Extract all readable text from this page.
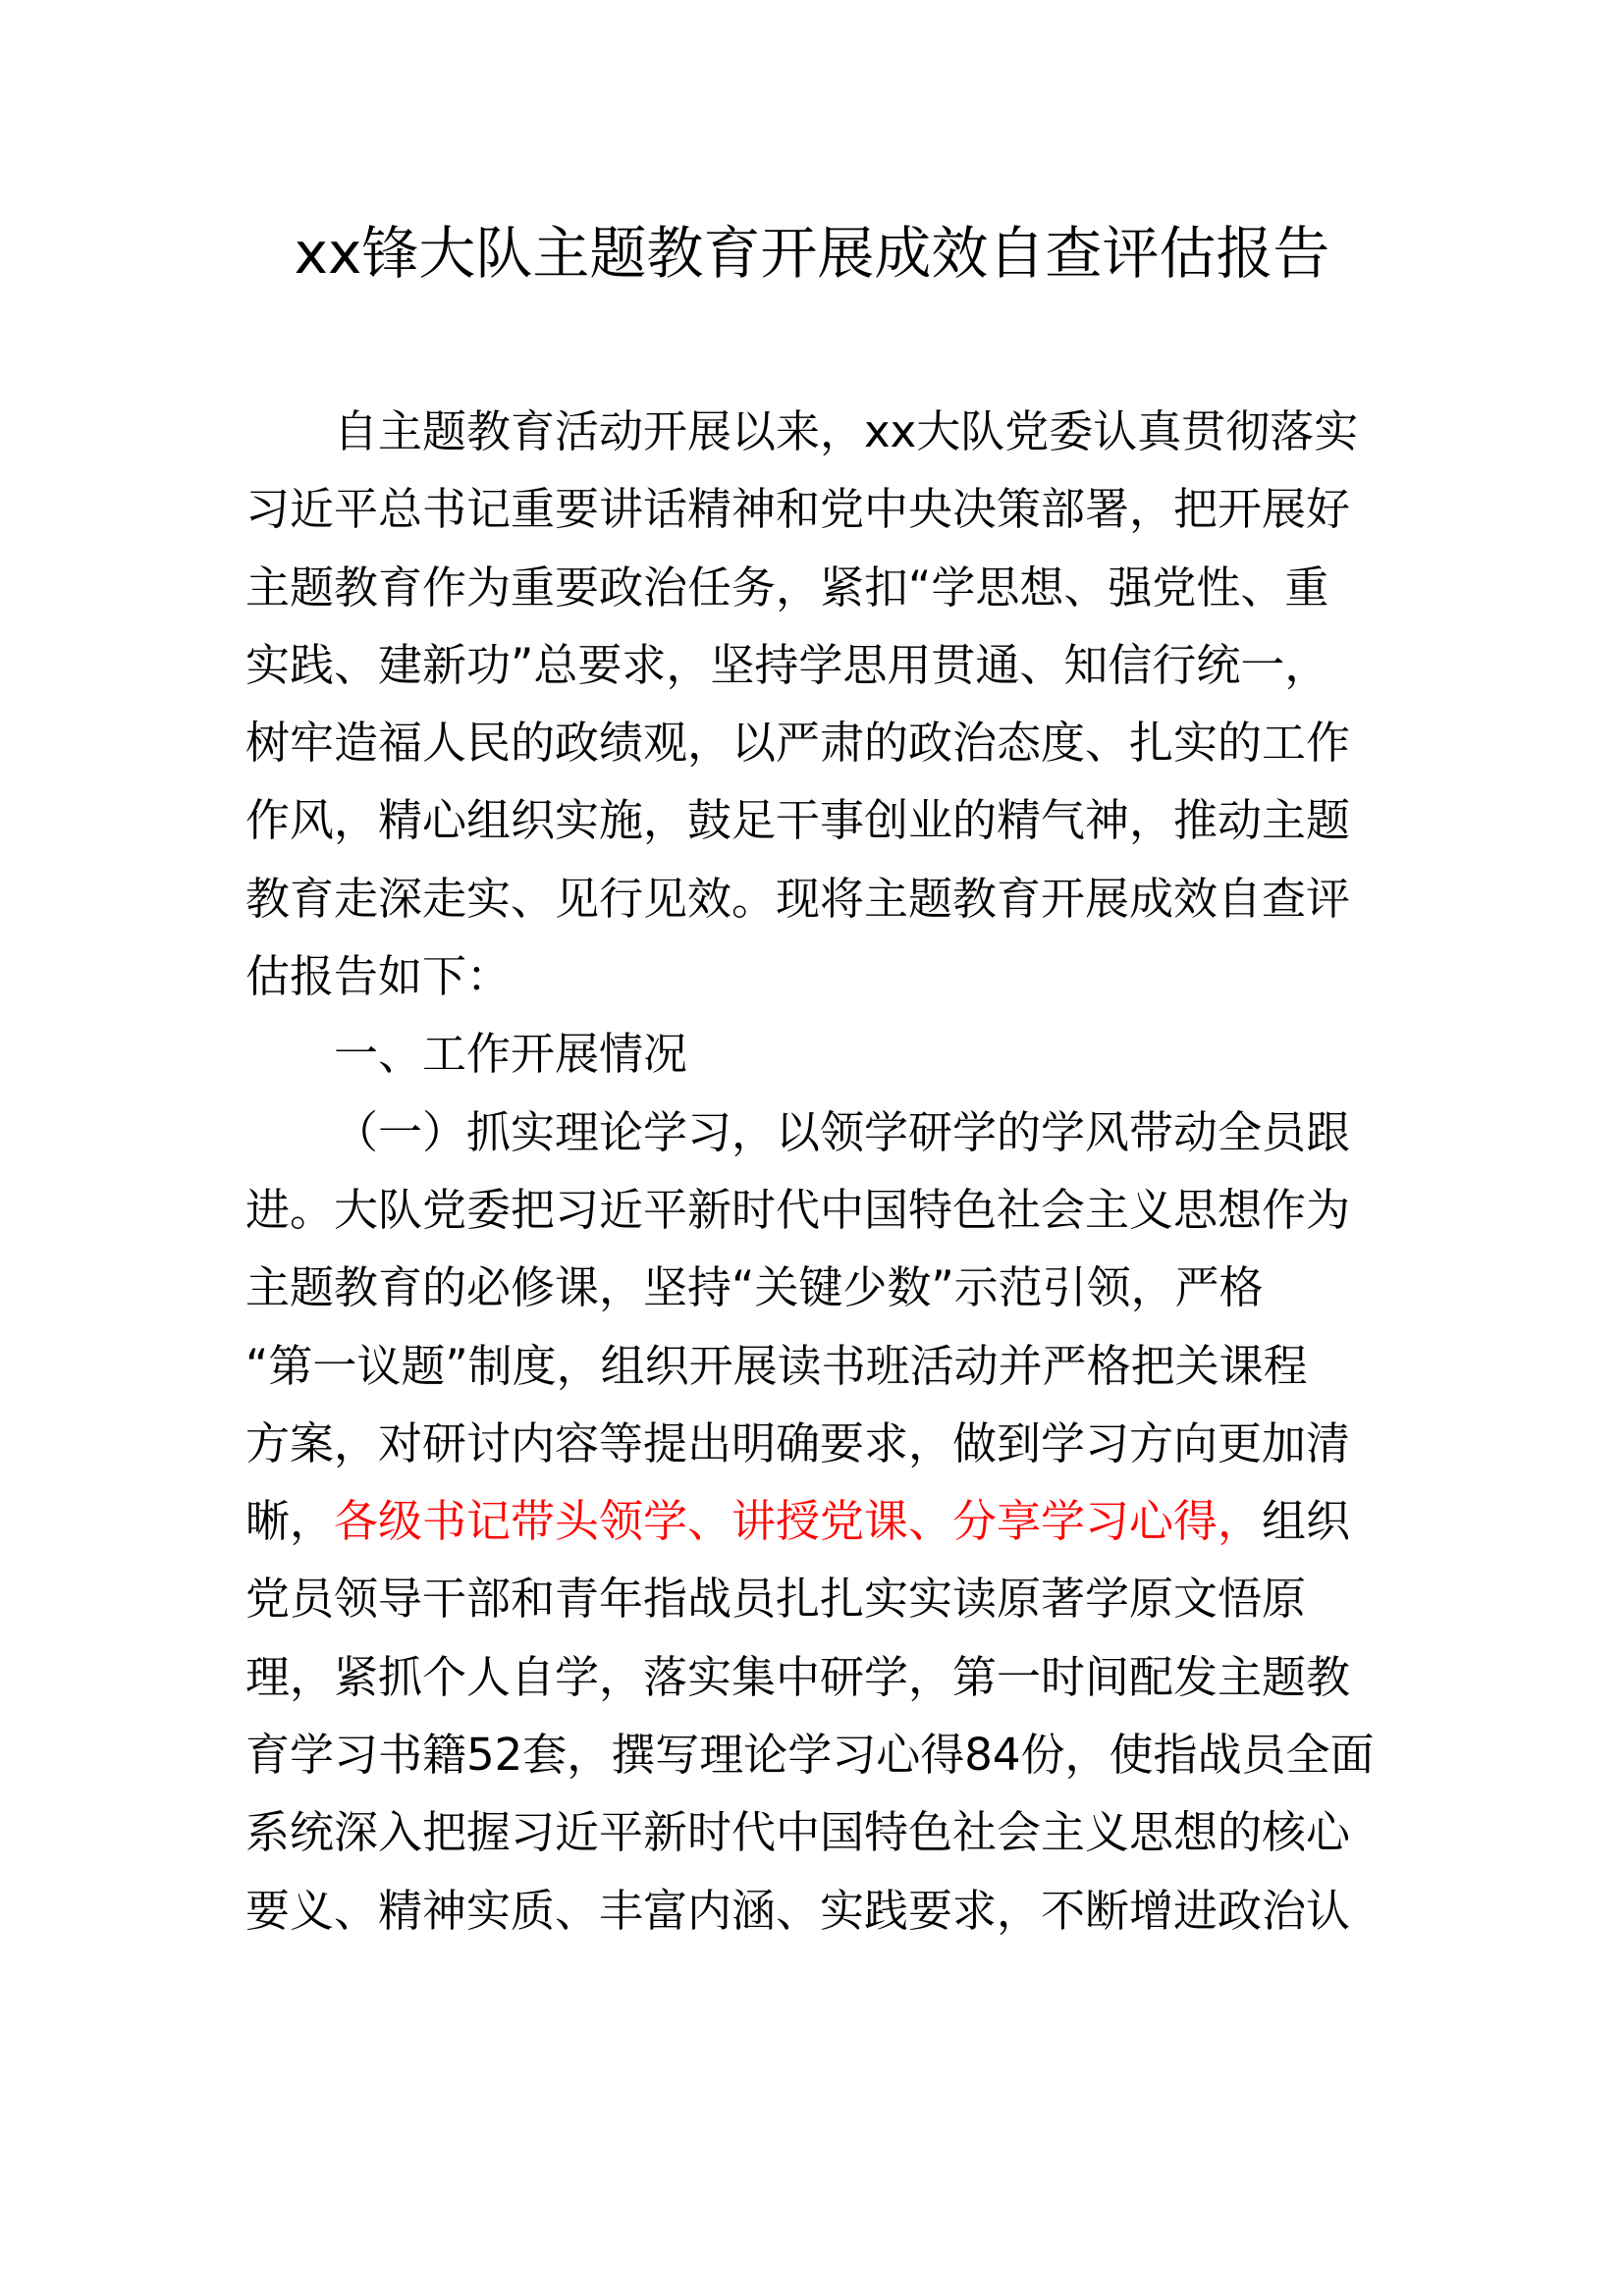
xx锋大队主题教育开展成效自查评估报告
自主题教育活动开展以来，xx大队党委认真贯彻落实
习近平总书记重要讲话精神和党中央决策部署，把开展好
主题教育作为重要政治任务，紧扣“学思想、强党性、重
实践、建新功”总要求，坚持学思用贯通、知信行统一，
树牢造福人民的政绩观，以严肃的政治态度、扎实的工作
作风，精心组织实施，鼓足干事创业的精气神，推动主题
教育走深走实、见行见效。现将主题教育开展成效自查评
估报告如下：
一、工作开展情况
（一）抓实理论学习，以领学研学的学风带动全员跟
进。大队党委把习近平新时代中国特色社会主义思想作为
主题教育的必修课，坚持“关键少数”示范引领，严格
“第一议题”制度，组织开展读书班活动并严格把关课程
方案，对研讨内容等提出明确要求，做到学习方向更加清
晰，各级书记带头领学、讲授党课、分享学习心得，组织
党员领导干部和青年指战员扎扎实实读原著学原文悟原
理，紧抓个人自学，落实集中研学，第一时间配发主题教
育学习书籍52套，撰写理论学习心得84份，使指战员全面
系统深入把握习近平新时代中国特色社会主义思想的核心
要义、精神实质、丰富内涵、实践要求，不断增进政治认
